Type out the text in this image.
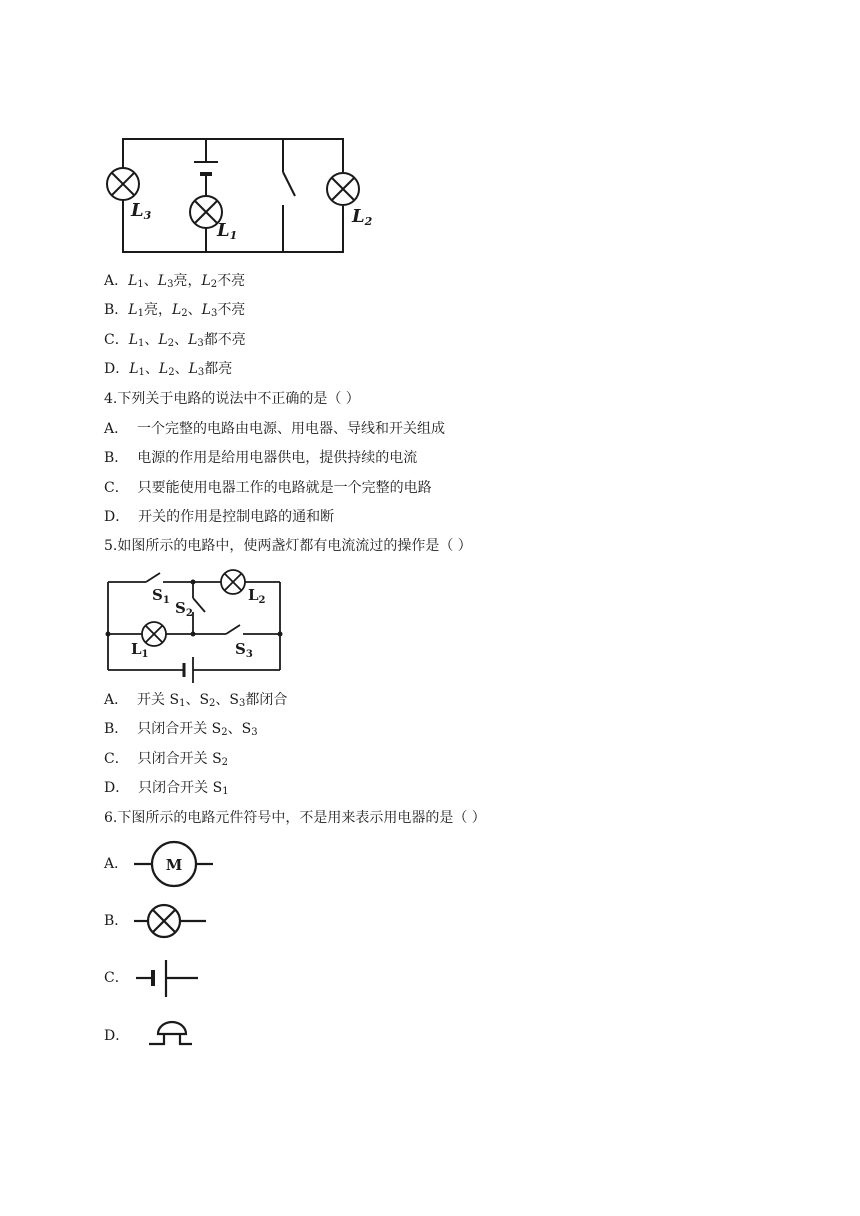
L3
L1
L2
A．$L_1$、$L_3$亮，$L_2$不亮
B．$L_1$亮，$L_2$、$L_3$不亮
C．$L_1$、$L_2$、$L_3$都不亮
D．$L_1$、$L_2$、$L_3$都亮
4.下列关于电路的说法中不正确的是（ ）
A． 一个完整的电路由电源、用电器、导线和开关组成
B． 电源的作用是给用电器供电，提供持续的电流
C． 只要能使用电器工作的电路就是一个完整的电路
D． 开关的作用是控制电路的通和断
5.如图所示的电路中，使两盏灯都有电流流过的操作是（ ）
$S_1$ $S_2$
$L_2$
$L_1$	$S_3$
A． 开关 $S_1$、$S_2$、$S_3$都闭合
B． 只闭合开关 $S_2$、$S_3$
C． 只闭合开关 $S_2$
D． 只闭合开关 $S_1$
6.下图所示的电路元件符号中，不是用来表示用电器的是（ ）
A．
B．
C．
D．
M
